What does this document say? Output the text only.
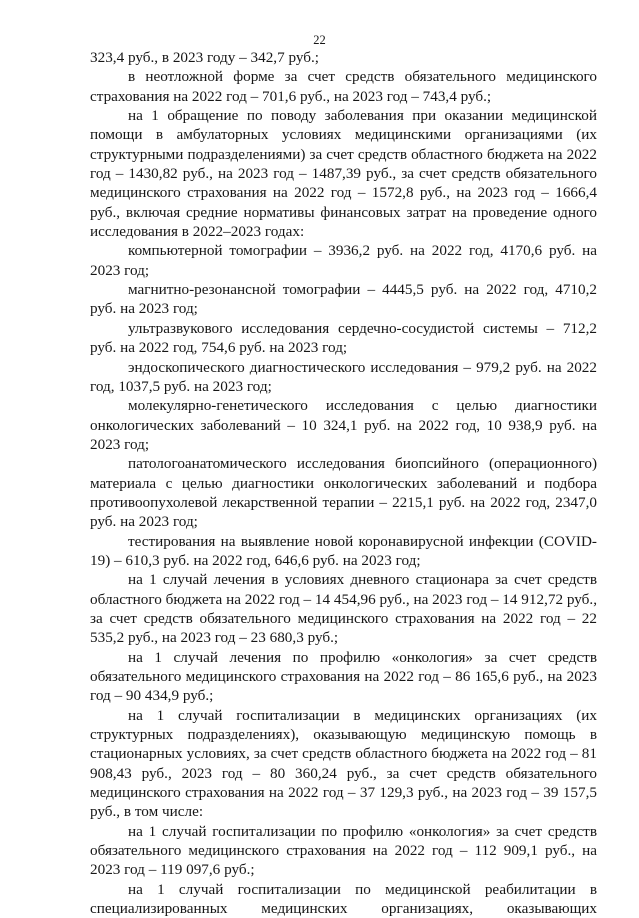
22

323,4 руб., в 2023 году – 342,7 руб.;

в неотложной форме за счет средств обязательного медицинского страхования на 2022 год – 701,6 руб., на 2023 год – 743,4 руб.;

на 1 обращение по поводу заболевания при оказании медицинской помощи в амбулаторных условиях медицинскими организациями (их структурными подразделениями) за счет средств областного бюджета на 2022 год – 1430,82 руб., на 2023 год – 1487,39 руб., за счет средств обязательного медицинского страхования на 2022 год – 1572,8 руб., на 2023 год – 1666,4 руб., включая средние нормативы финансовых затрат на проведение одного исследования в 2022–2023 годах:

компьютерной томографии – 3936,2 руб. на 2022 год, 4170,6 руб. на 2023 год;

магнитно-резонансной томографии – 4445,5 руб. на 2022 год, 4710,2 руб. на 2023 год;

ультразвукового исследования сердечно-сосудистой системы – 712,2 руб. на 2022 год, 754,6 руб. на 2023 год;

эндоскопического диагностического исследования – 979,2 руб. на 2022 год, 1037,5 руб. на 2023 год;

молекулярно-генетического исследования с целью диагностики онкологических заболеваний – 10 324,1 руб. на 2022 год, 10 938,9 руб. на 2023 год;

патологоанатомического исследования биопсийного (операционного) материала с целью диагностики онкологических заболеваний и подбора противоопухолевой лекарственной терапии – 2215,1 руб. на 2022 год, 2347,0 руб. на 2023 год;

тестирования на выявление новой коронавирусной инфекции (COVID-19) – 610,3 руб. на 2022 год, 646,6 руб. на 2023 год;

на 1 случай лечения в условиях дневного стационара за счет средств областного бюджета на 2022 год – 14 454,96 руб., на 2023 год – 14 912,72 руб., за счет средств обязательного медицинского страхования на 2022 год – 22 535,2 руб., на 2023 год – 23 680,3 руб.;

на 1 случай лечения по профилю «онкология» за счет средств обязательного медицинского страхования на 2022 год – 86 165,6 руб., на 2023 год – 90 434,9 руб.;

на 1 случай госпитализации в медицинских организациях (их структурных подразделениях), оказывающую медицинскую помощь в стационарных условиях, за счет средств областного бюджета на 2022 год – 81 908,43 руб., 2023 год – 80 360,24 руб., за счет средств обязательного медицинского страхования на 2022 год – 37 129,3 руб., на 2023 год – 39 157,5 руб., в том числе:

на 1 случай госпитализации по профилю «онкология» за счет средств обязательного медицинского страхования на 2022 год – 112 909,1 руб., на 2023 год – 119 097,6 руб.;

на 1 случай госпитализации по медицинской реабилитации в специализированных медицинских организациях, оказывающих
